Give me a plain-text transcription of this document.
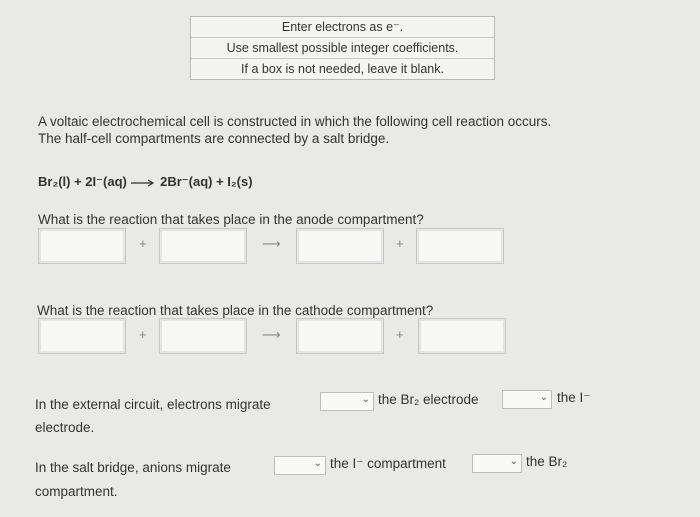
Enter electrons as e⁻.
Use smallest possible integer coefficients.
If a box is not needed, leave it blank.
A voltaic electrochemical cell is constructed in which the following cell reaction occurs.
The half-cell compartments are connected by a salt bridge.
Br₂(l) + 2I⁻(aq) → 2Br⁻(aq) + I₂(s)
What is the reaction that takes place in the anode compartment?
+	⟶	+
What is the reaction that takes place in the cathode compartment?
+	⟶	+
In the external circuit, electrons migrate	⌄ the Br₂ electrode	⌄ the I⁻
electrode.
In the salt bridge, anions migrate	⌄ the I⁻ compartment	⌄ the Br₂
compartment.
